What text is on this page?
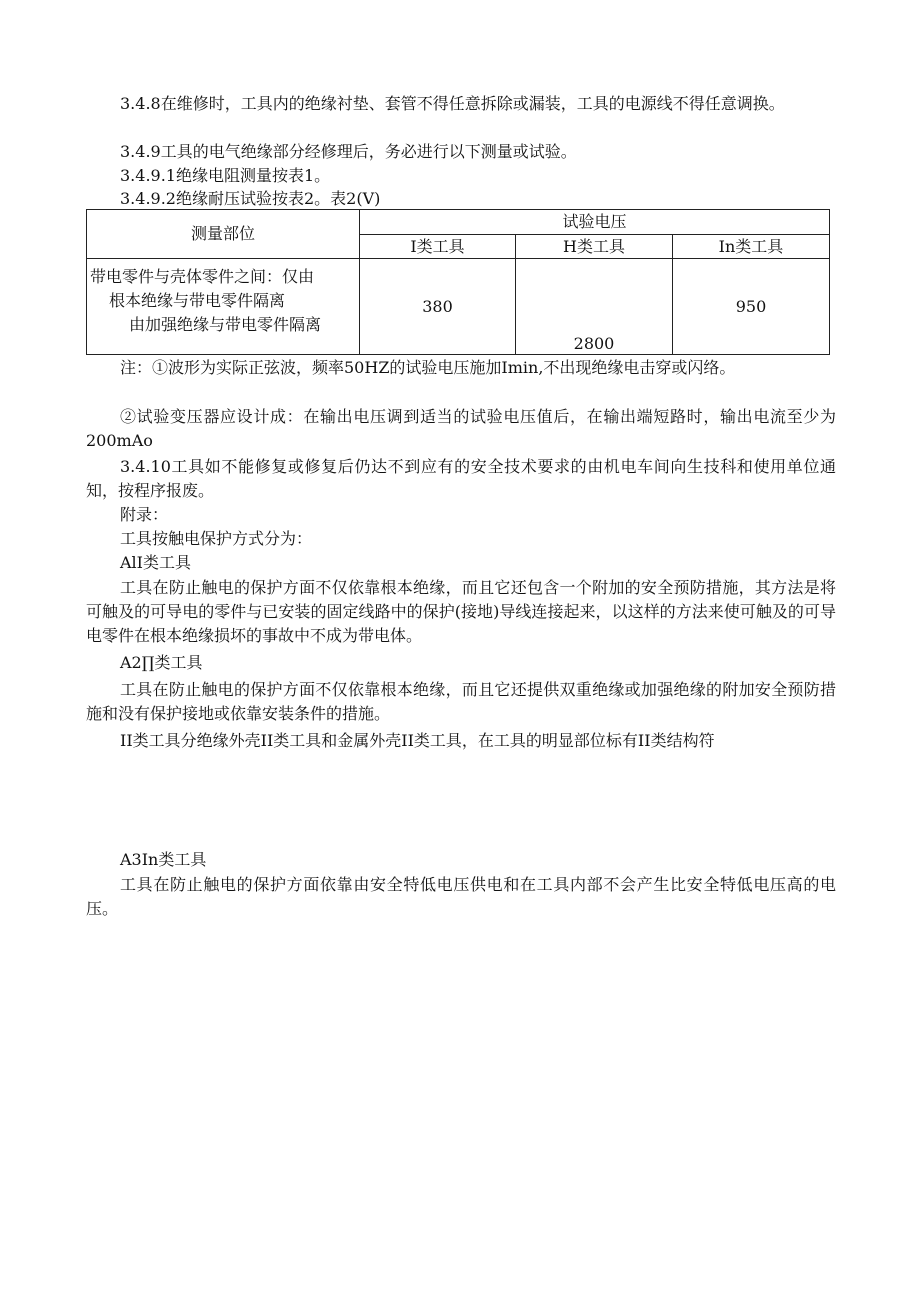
3.4.8在维修时，工具内的绝缘衬垫、套管不得任意拆除或漏装，工具的电源线不得任意调换。

3.4.9工具的电气绝缘部分经修理后，务必进行以下测量或试验。

3.4.9.1绝缘电阻测量按表1。

3.4.9.2绝缘耐压试验按表2。表2(V)

测量部位	试验电压		
	I类工具	H类工具	In类工具

带电零件与壳体零件之间：仅由
根本绝缘与带电零件隔离
由加强绝缘与带电零件隔离	380	2800	950

注：①波形为实际正弦波，频率50HZ的试验电压施加Imin,不出现绝缘电击穿或闪络。

②试验变压器应设计成：在输出电压调到适当的试验电压值后，在输出端短路时，输出电流至少为200mAo

3.4.10工具如不能修复或修复后仍达不到应有的安全技术要求的由机电车间向生技科和使用单位通知，按程序报废。

附录：

工具按触电保护方式分为：

AlI类工具

工具在防止触电的保护方面不仅依靠根本绝缘，而且它还包含一个附加的安全预防措施，其方法是将可触及的可导电的零件与已安装的固定线路中的保护(接地)导线连接起来，以这样的方法来使可触及的可导电零件在根本绝缘损坏的事故中不成为带电体。

A2∏类工具

工具在防止触电的保护方面不仅依靠根本绝缘，而且它还提供双重绝缘或加强绝缘的附加安全预防措施和没有保护接地或依靠安装条件的措施。

II类工具分绝缘外壳II类工具和金属外壳II类工具，在工具的明显部位标有II类结构符

A3In类工具

工具在防止触电的保护方面依靠由安全特低电压供电和在工具内部不会产生比安全特低电压高的电压。
